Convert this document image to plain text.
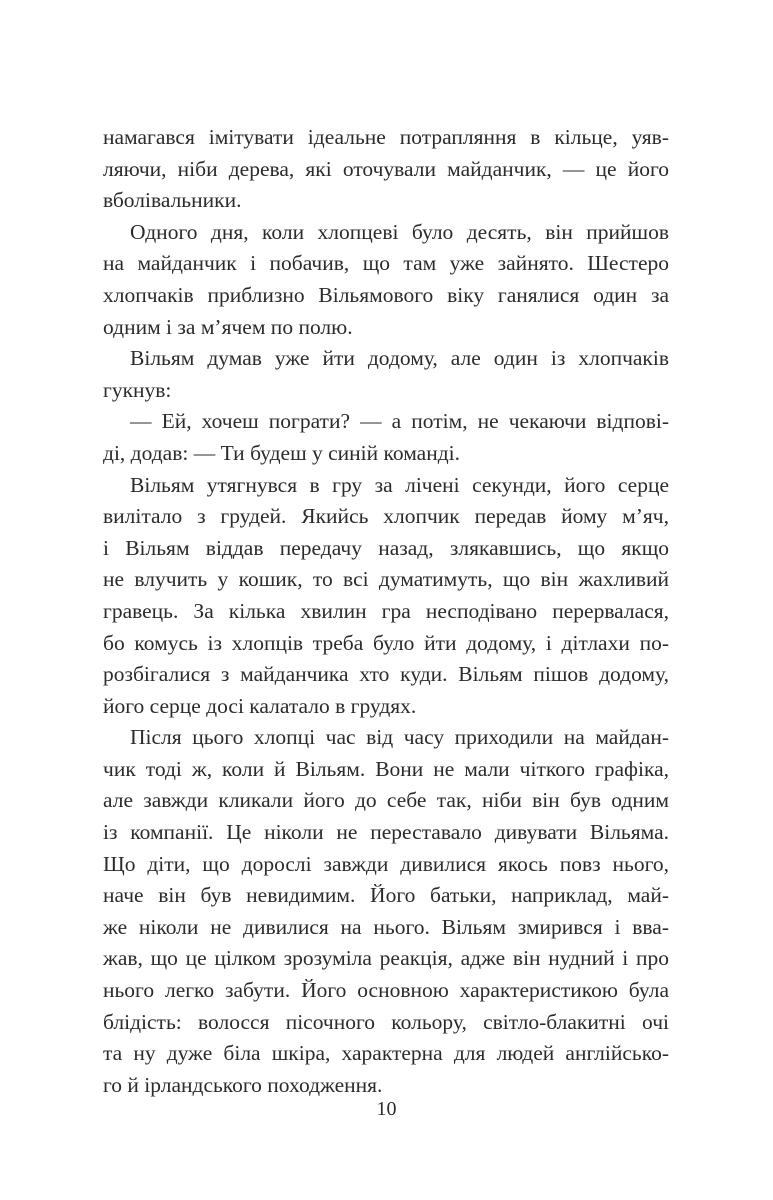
намагався імітувати ідеальне потрапляння в кільце, уяв-
ляючи, ніби дерева, які оточували майданчик, — це його
вболівальники.
Одного дня, коли хлопцеві було десять, він прийшов
на майданчик і побачив, що там уже зайнято. Шестеро
хлопчаків приблизно Вільямового віку ганялися один за
одним і за м’ячем по полю.
Вільям думав уже йти додому, але один із хлопчаків
гукнув:
— Ей, хочеш пограти? — а потім, не чекаючи відпові-
ді, додав: — Ти будеш у синій команді.
Вільям утягнувся в гру за лічені секунди, його серце
вилітало з грудей. Якийсь хлопчик передав йому м’яч,
і Вільям віддав передачу назад, злякавшись, що якщо
не влучить у кошик, то всі думатимуть, що він жахливий
гравець. За кілька хвилин гра несподівано перервалася,
бо комусь із хлопців треба було йти додому, і дітлахи по-
розбігалися з майданчика хто куди. Вільям пішов додому,
його серце досі калатало в грудях.
Після цього хлопці час від часу приходили на майдан-
чик тоді ж, коли й Вільям. Вони не мали чіткого графіка,
але завжди кликали його до себе так, ніби він був одним
із компанії. Це ніколи не переставало дивувати Вільяма.
Що діти, що дорослі завжди дивилися якось повз нього,
наче він був невидимим. Його батьки, наприклад, май-
же ніколи не дивилися на нього. Вільям змирився і вва-
жав, що це цілком зрозуміла реакція, адже він нудний і про
нього легко забути. Його основною характеристикою була
блідість: волосся пісочного кольору, світло-блакитні очі
та ну дуже біла шкіра, характерна для людей англійсько-
го й ірландського походження.
10
